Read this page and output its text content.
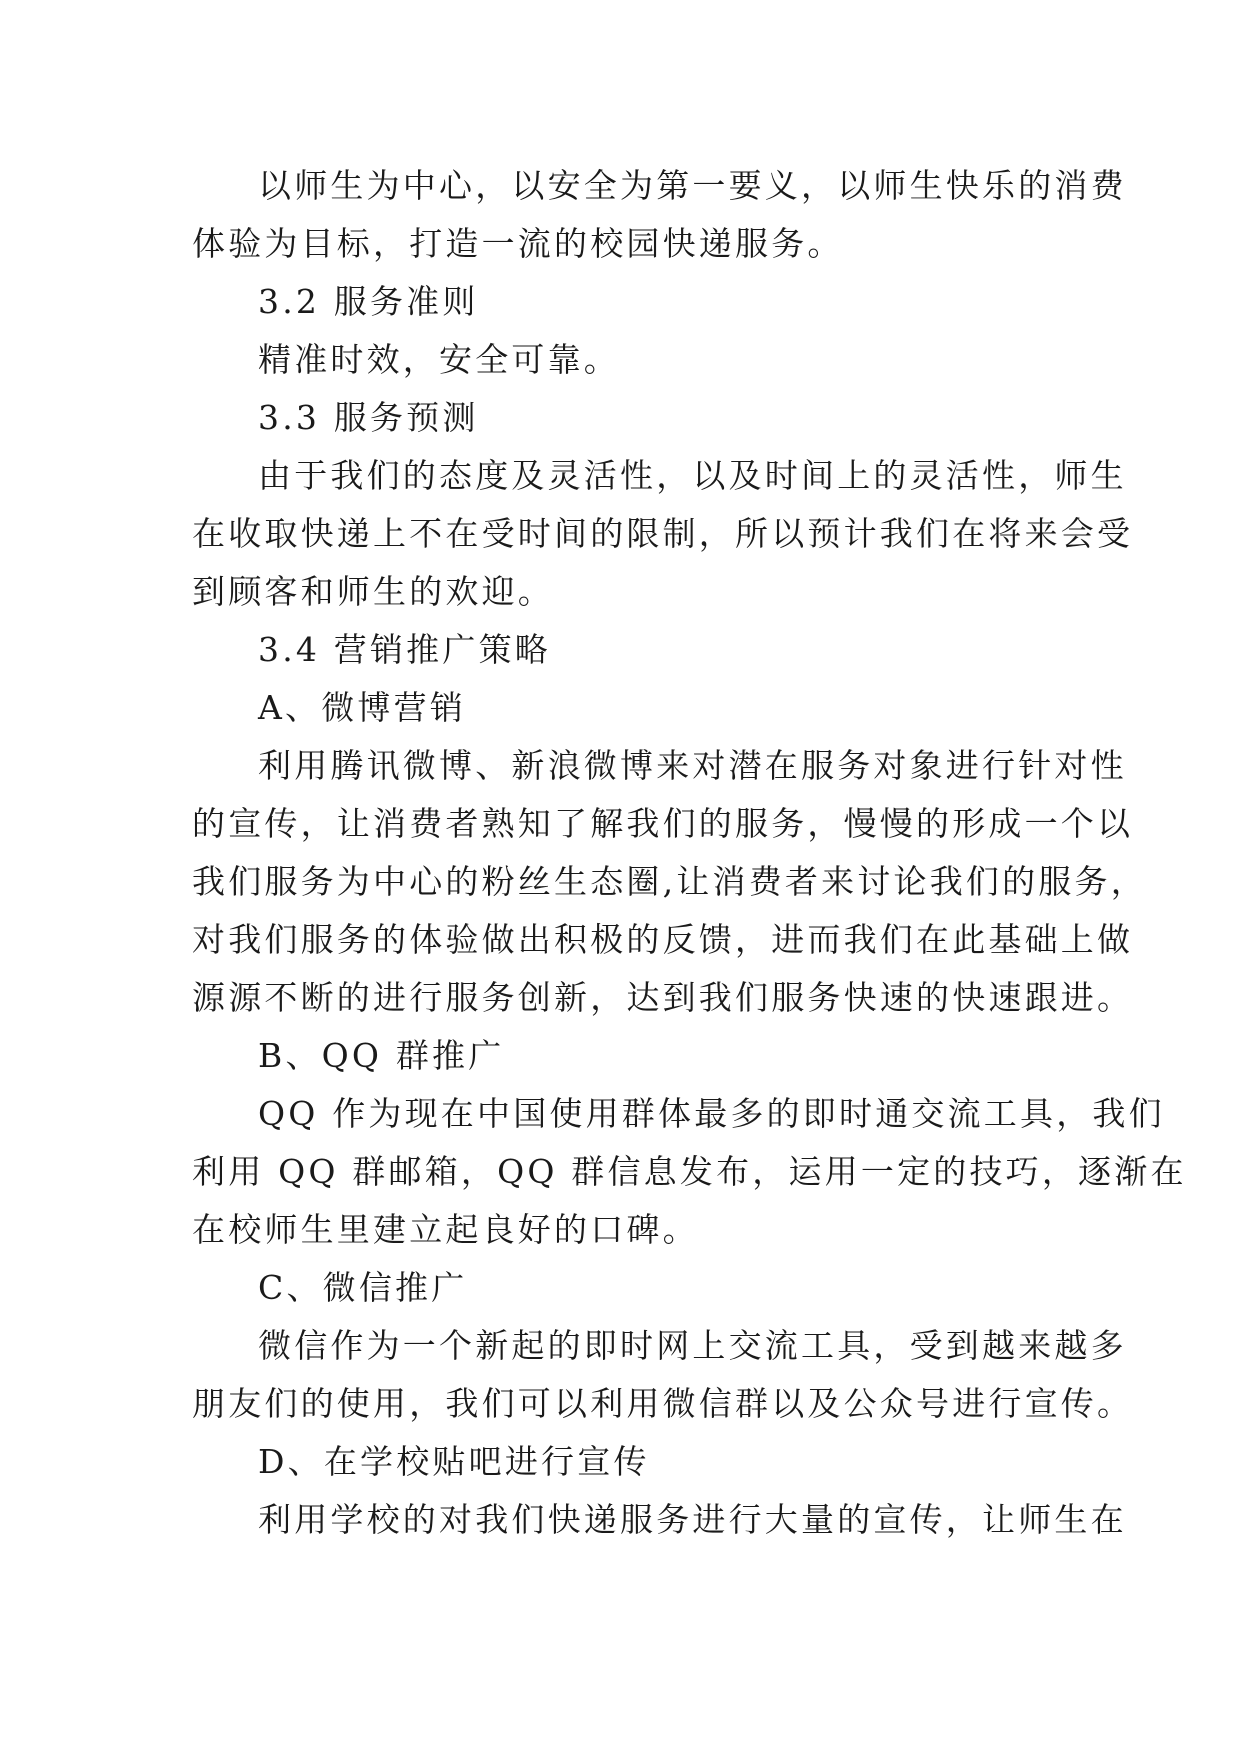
以师生为中心，以安全为第一要义，以师生快乐的消费
体验为目标，打造一流的校园快递服务。
3.2 服务准则
精准时效，安全可靠。
3.3 服务预测
由于我们的态度及灵活性，以及时间上的灵活性，师生
在收取快递上不在受时间的限制，所以预计我们在将来会受
到顾客和师生的欢迎。
3.4 营销推广策略
A、微博营销
利用腾讯微博、新浪微博来对潜在服务对象进行针对性
的宣传，让消费者熟知了解我们的服务，慢慢的形成一个以
我们服务为中心的粉丝生态圈,让消费者来讨论我们的服务，
对我们服务的体验做出积极的反馈，进而我们在此基础上做
源源不断的进行服务创新，达到我们服务快速的快速跟进。
B、QQ 群推广
QQ 作为现在中国使用群体最多的即时通交流工具，我们
利用 QQ 群邮箱，QQ 群信息发布，运用一定的技巧，逐渐在
在校师生里建立起良好的口碑。
C、微信推广
微信作为一个新起的即时网上交流工具，受到越来越多
朋友们的使用，我们可以利用微信群以及公众号进行宣传。
D、在学校贴吧进行宣传
利用学校的对我们快递服务进行大量的宣传，让师生在
